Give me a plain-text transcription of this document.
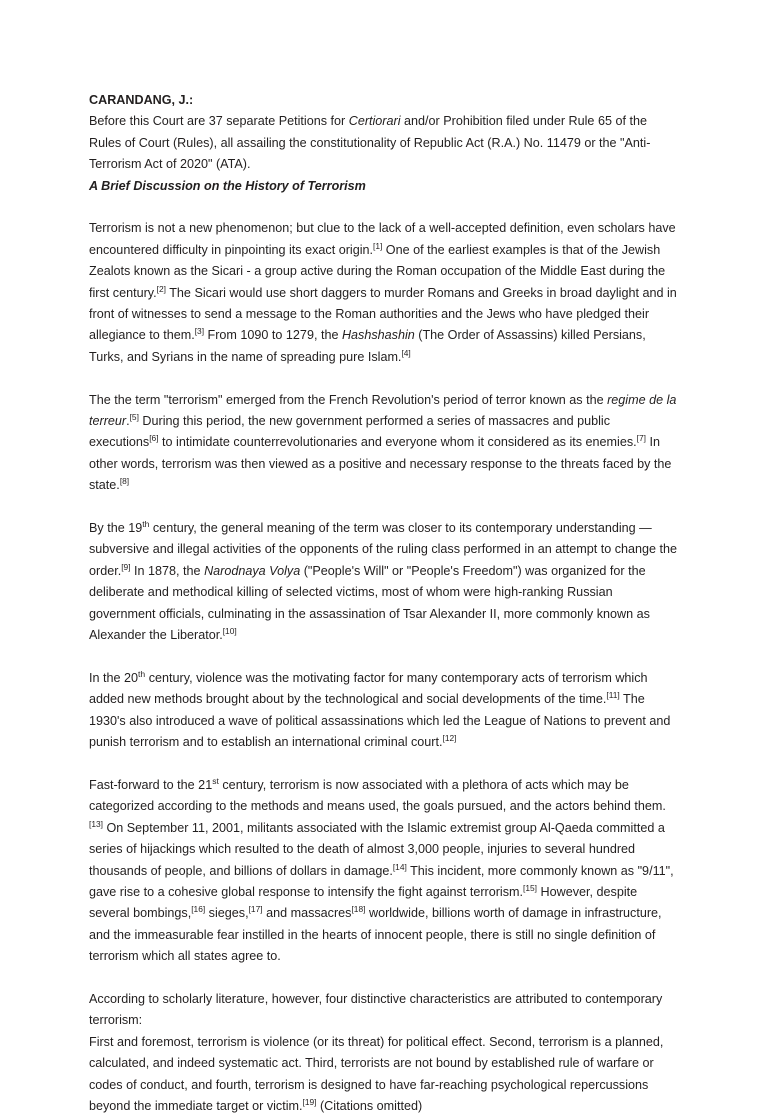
CARANDANG, J.:
Before this Court are 37 separate Petitions for Certiorari and/or Prohibition filed under Rule 65 of the Rules of Court (Rules), all assailing the constitutionality of Republic Act (R.A.) No. 11479 or the "Anti-Terrorism Act of 2020" (ATA).
A Brief Discussion on the History of Terrorism

Terrorism is not a new phenomenon; but clue to the lack of a well-accepted definition, even scholars have encountered difficulty in pinpointing its exact origin.[1] One of the earliest examples is that of the Jewish Zealots known as the Sicari - a group active during the Roman occupation of the Middle East during the first century.[2] The Sicari would use short daggers to murder Romans and Greeks in broad daylight and in front of witnesses to send a message to the Roman authorities and the Jews who have pledged their allegiance to them.[3] From 1090 to 1279, the Hashshashin (The Order of Assassins) killed Persians, Turks, and Syrians in the name of spreading pure Islam.[4]

The the term "terrorism" emerged from the French Revolution's period of terror known as the regime de la terreur.[5] During this period, the new government performed a series of massacres and public executions[6] to intimidate counterrevolutionaries and everyone whom it considered as its enemies.[7] In other words, terrorism was then viewed as a positive and necessary response to the threats faced by the state.[8]

By the 19th century, the general meaning of the term was closer to its contemporary understanding — subversive and illegal activities of the opponents of the ruling class performed in an attempt to change the order.[9] In 1878, the Narodnaya Volya ("People's Will" or "People's Freedom") was organized for the deliberate and methodical killing of selected victims, most of whom were high-ranking Russian government officials, culminating in the assassination of Tsar Alexander II, more commonly known as Alexander the Liberator.[10]

In the 20th century, violence was the motivating factor for many contemporary acts of terrorism which added new methods brought about by the technological and social developments of the time.[11] The 1930's also introduced a wave of political assassinations which led the League of Nations to prevent and punish terrorism and to establish an international criminal court.[12]

Fast-forward to the 21st century, terrorism is now associated with a plethora of acts which may be categorized according to the methods and means used, the goals pursued, and the actors behind them.[13] On September 11, 2001, militants associated with the Islamic extremist group Al-Qaeda committed a series of hijackings which resulted to the death of almost 3,000 people, injuries to several hundred thousands of people, and billions of dollars in damage.[14] This incident, more commonly known as "9/11", gave rise to a cohesive global response to intensify the fight against terrorism.[15] However, despite several bombings,[16] sieges,[17] and massacres[18] worldwide, billions worth of damage in infrastructure, and the immeasurable fear instilled in the hearts of innocent people, there is still no single definition of terrorism which all states agree to.

According to scholarly literature, however, four distinctive characteristics are attributed to contemporary terrorism:
First and foremost, terrorism is violence (or its threat) for political effect. Second, terrorism is a planned, calculated, and indeed systematic act. Third, terrorists are not bound by established rule of warfare or codes of conduct, and fourth, terrorism is designed to have far-reaching psychological repercussions beyond the immediate target or victim.[19] (Citations omitted)
